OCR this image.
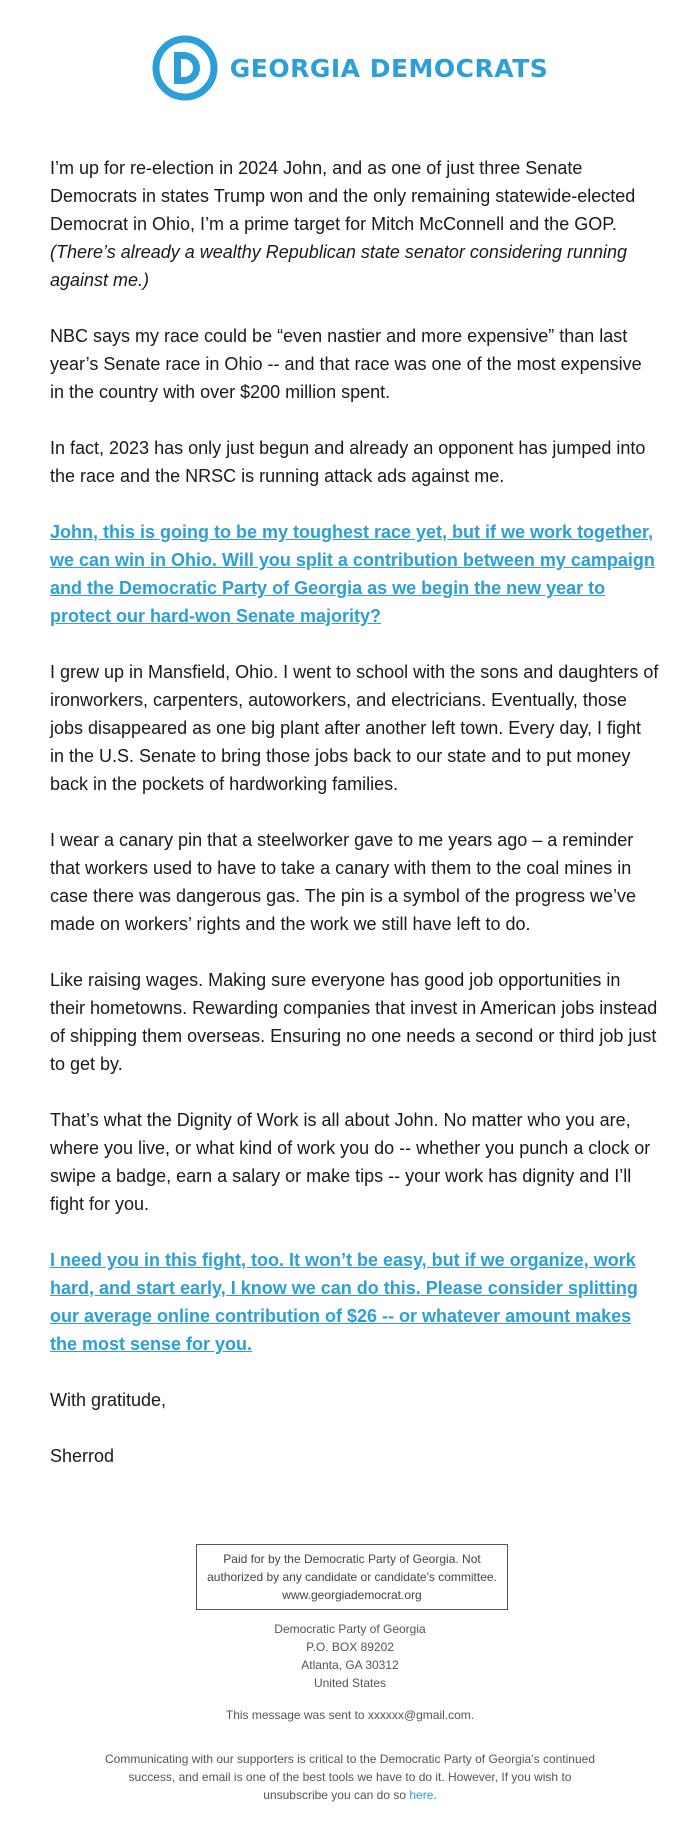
GEORGIA DEMOCRATS

I’m up for re-election in 2024 John, and as one of just three Senate Democrats in states Trump won and the only remaining statewide-elected Democrat in Ohio, I’m a prime target for Mitch McConnell and the GOP. (There’s already a wealthy Republican state senator considering running against me.)

NBC says my race could be “even nastier and more expensive” than last year’s Senate race in Ohio -- and that race was one of the most expensive in the country with over $200 million spent.

In fact, 2023 has only just begun and already an opponent has jumped into the race and the NRSC is running attack ads against me.

John, this is going to be my toughest race yet, but if we work together, we can win in Ohio. Will you split a contribution between my campaign and the Democratic Party of Georgia as we begin the new year to protect our hard-won Senate majority?

I grew up in Mansfield, Ohio. I went to school with the sons and daughters of ironworkers, carpenters, autoworkers, and electricians. Eventually, those jobs disappeared as one big plant after another left town. Every day, I fight in the U.S. Senate to bring those jobs back to our state and to put money back in the pockets of hardworking families.

I wear a canary pin that a steelworker gave to me years ago – a reminder that workers used to have to take a canary with them to the coal mines in case there was dangerous gas. The pin is a symbol of the progress we’ve made on workers’ rights and the work we still have left to do.

Like raising wages. Making sure everyone has good job opportunities in their hometowns. Rewarding companies that invest in American jobs instead of shipping them overseas. Ensuring no one needs a second or third job just to get by.

That’s what the Dignity of Work is all about John. No matter who you are, where you live, or what kind of work you do -- whether you punch a clock or swipe a badge, earn a salary or make tips -- your work has dignity and I’ll fight for you.

I need you in this fight, too. It won’t be easy, but if we organize, work hard, and start early, I know we can do this. Please consider splitting our average online contribution of $26 -- or whatever amount makes the most sense for you.

With gratitude,

Sherrod

Paid for by the Democratic Party of Georgia. Not
authorized by any candidate or candidate's committee.
www.georgiademocrat.org
Democratic Party of Georgia
P.O. BOX 89202
Atlanta, GA 30312
United States
This message was sent to xxxxxx@gmail.com.
Communicating with our supporters is critical to the Democratic Party of Georgia’s continued success, and email is one of the best tools we have to do it. However, If you wish to unsubscribe you can do so here.
